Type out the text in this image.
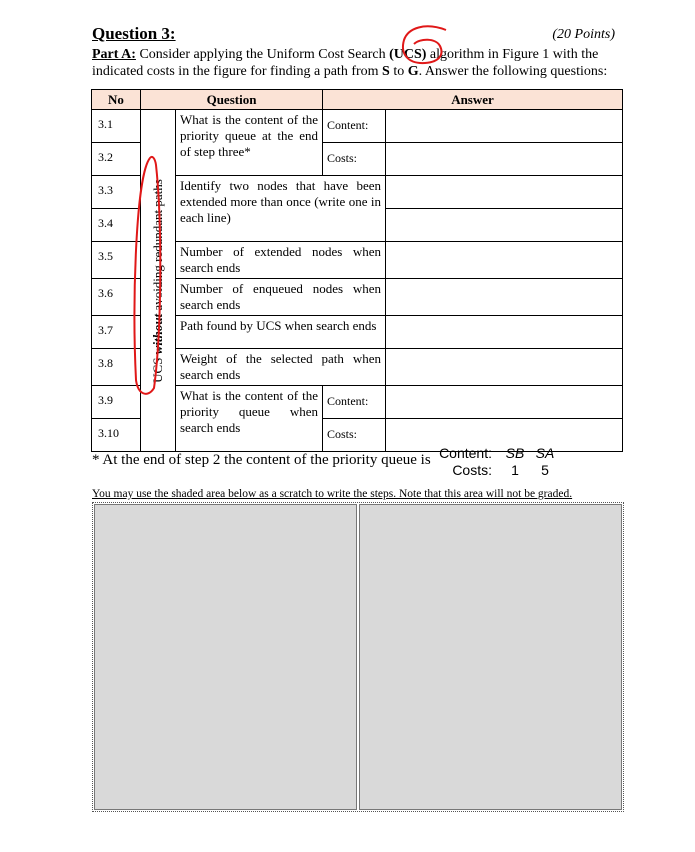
Question 3:	(20 Points)
Part A: Consider applying the Uniform Cost Search (UCS) algorithm in Figure 1 with the indicated costs in the figure for finding a path from S to G. Answer the following questions:
No	Question		Answer	
3.1	UCS without avoiding redundant paths	What is the content of the priority queue at the end of step three*	Content:	
3.2			Costs:	
3.3		Identify two nodes that have been extended more than once (write one in each line)		
3.4				
3.5		Number of extended nodes when search ends		
3.6		Number of enqueued nodes when search ends		
3.7		Path found by UCS when search ends		
3.8		Weight of the selected path when search ends		
3.9		What is the content of the priority queue when search ends	Content:	
3.10			Costs:	
* At the end of step 2 the content of the priority queue is Content: SB SA
Costs:	1	5
You may use the shaded area below as a scratch to write the steps. Note that this area will not be graded.
